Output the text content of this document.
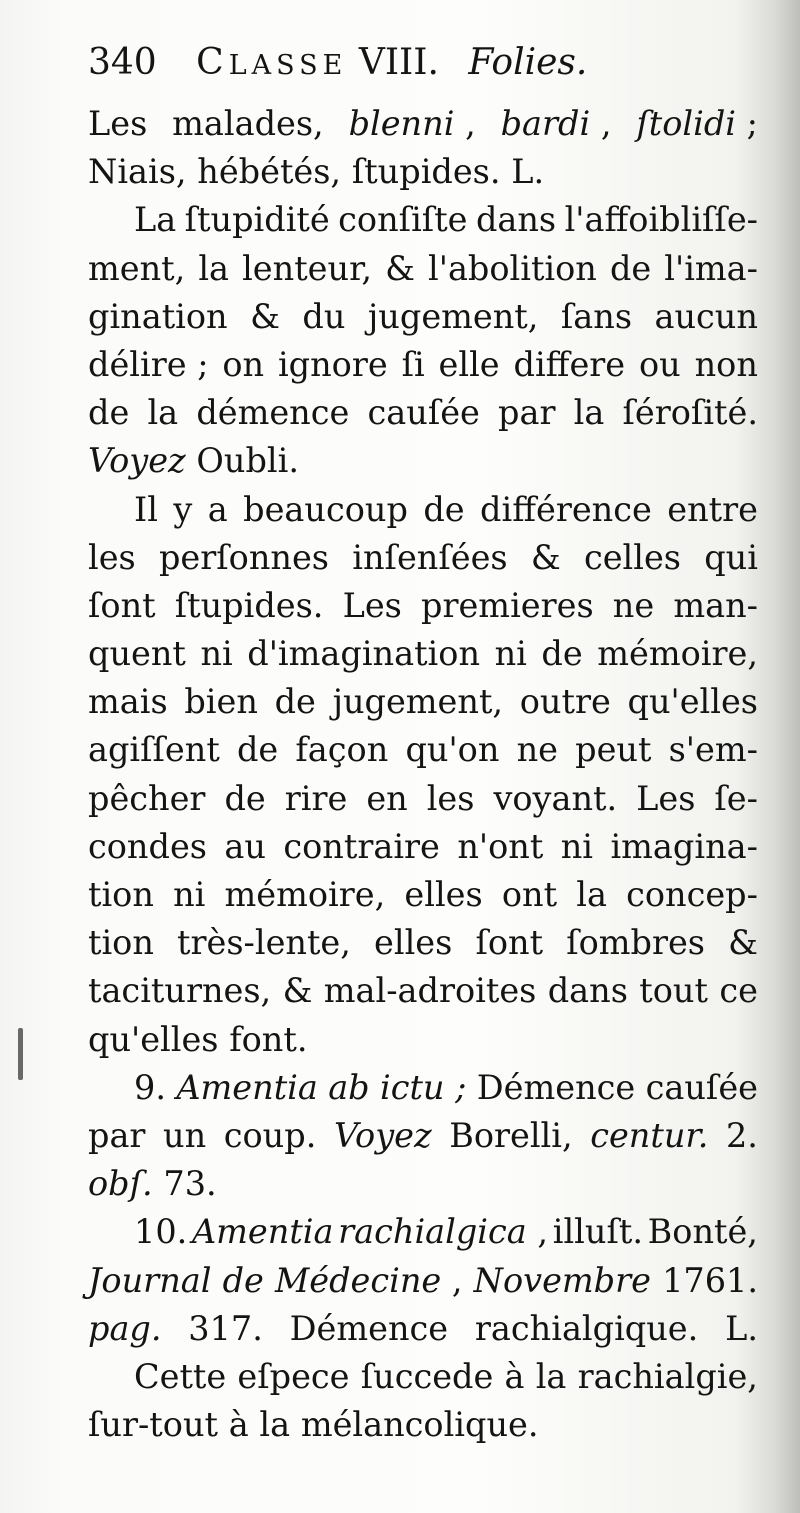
340 CLASSE VIII. Folies.
Les malades, blenni , bardi , ſtolidi ;
Niais, hébétés, ſtupides. L.
La ſtupidité conſiſte dans l'affoibliſſe-
ment, la lenteur, & l'abolition de l'ima-
gination & du jugement, ſans aucun
délire ; on ignore ſi elle differe ou non
de la démence cauſée par la ſéroſité.
Voyez Oubli.
Il y a beaucoup de différence entre
les perſonnes inſenſées & celles qui
ſont ſtupides. Les premieres ne man-
quent ni d'imagination ni de mémoire,
mais bien de jugement, outre qu'elles
agiſſent de façon qu'on ne peut s'em-
pêcher de rire en les voyant. Les ſe-
condes au contraire n'ont ni imagina-
tion ni mémoire, elles ont la concep-
tion très-lente, elles ſont ſombres &
taciturnes, & mal-adroites dans tout ce
qu'elles font.
9. Amentia ab ictu ; Démence cauſée
par un coup. Voyez Borelli, centur. 2.
obſ. 73.
10. Amentia rachialgica , illuſt. Bonté,
Journal de Médecine , Novembre 1761.
pag. 317. Démence rachialgique. L.
Cette eſpece ſuccede à la rachialgie,
ſur-tout à la mélancolique.
